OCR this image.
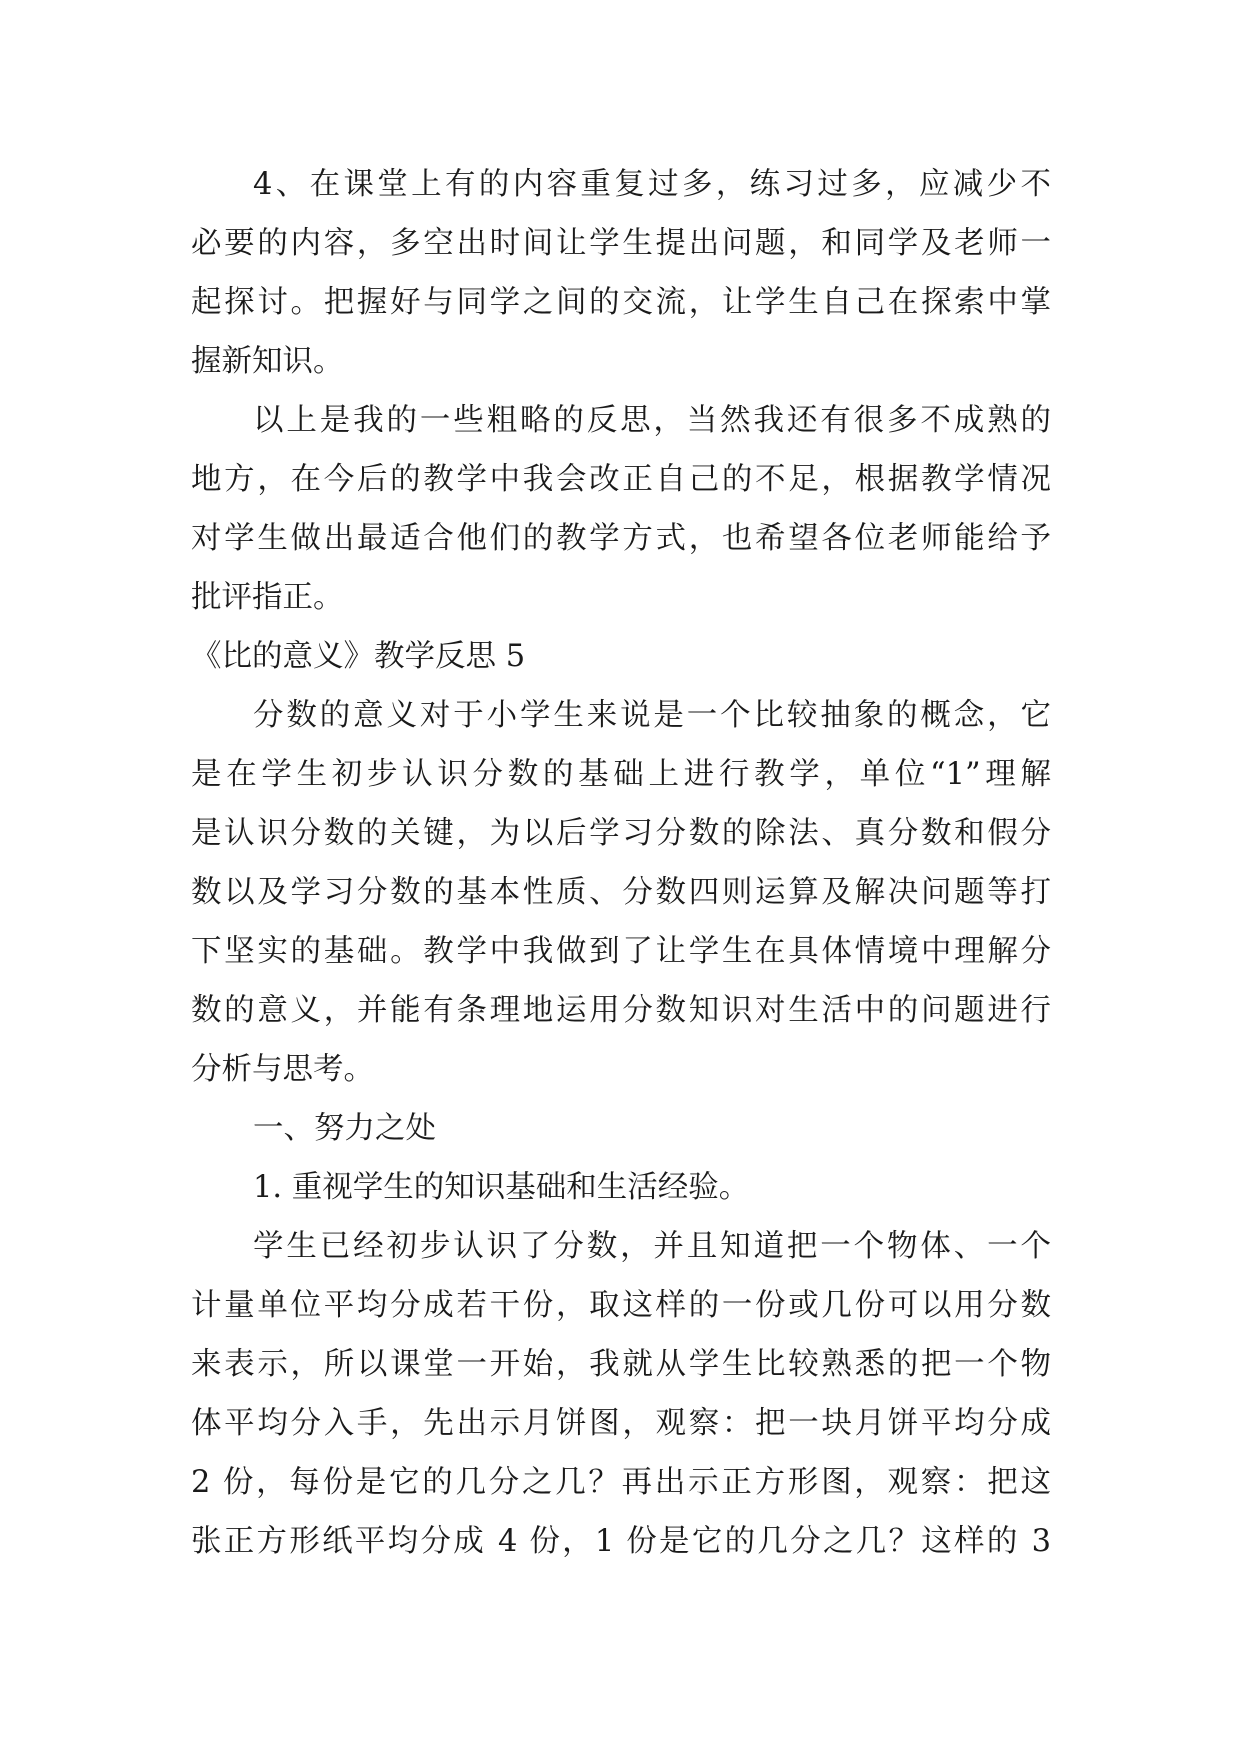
4、在课堂上有的内容重复过多，练习过多，应减少不
必要的内容，多空出时间让学生提出问题，和同学及老师一
起探讨。把握好与同学之间的交流，让学生自己在探索中掌
握新知识。
以上是我的一些粗略的反思，当然我还有很多不成熟的
地方，在今后的教学中我会改正自己的不足，根据教学情况
对学生做出最适合他们的教学方式，也希望各位老师能给予
批评指正。
《比的意义》教学反思 5
分数的意义对于小学生来说是一个比较抽象的概念，它
是在学生初步认识分数的基础上进行教学，单位“1”理解
是认识分数的关键，为以后学习分数的除法、真分数和假分
数以及学习分数的基本性质、分数四则运算及解决问题等打
下坚实的基础。教学中我做到了让学生在具体情境中理解分
数的意义，并能有条理地运用分数知识对生活中的问题进行
分析与思考。
一、努力之处
1. 重视学生的知识基础和生活经验。
学生已经初步认识了分数，并且知道把一个物体、一个
计量单位平均分成若干份，取这样的一份或几份可以用分数
来表示，所以课堂一开始，我就从学生比较熟悉的把一个物
体平均分入手，先出示月饼图，观察：把一块月饼平均分成
2 份，每份是它的几分之几？再出示正方形图，观察：把这
张正方形纸平均分成 4 份，1 份是它的几分之几？这样的 3
